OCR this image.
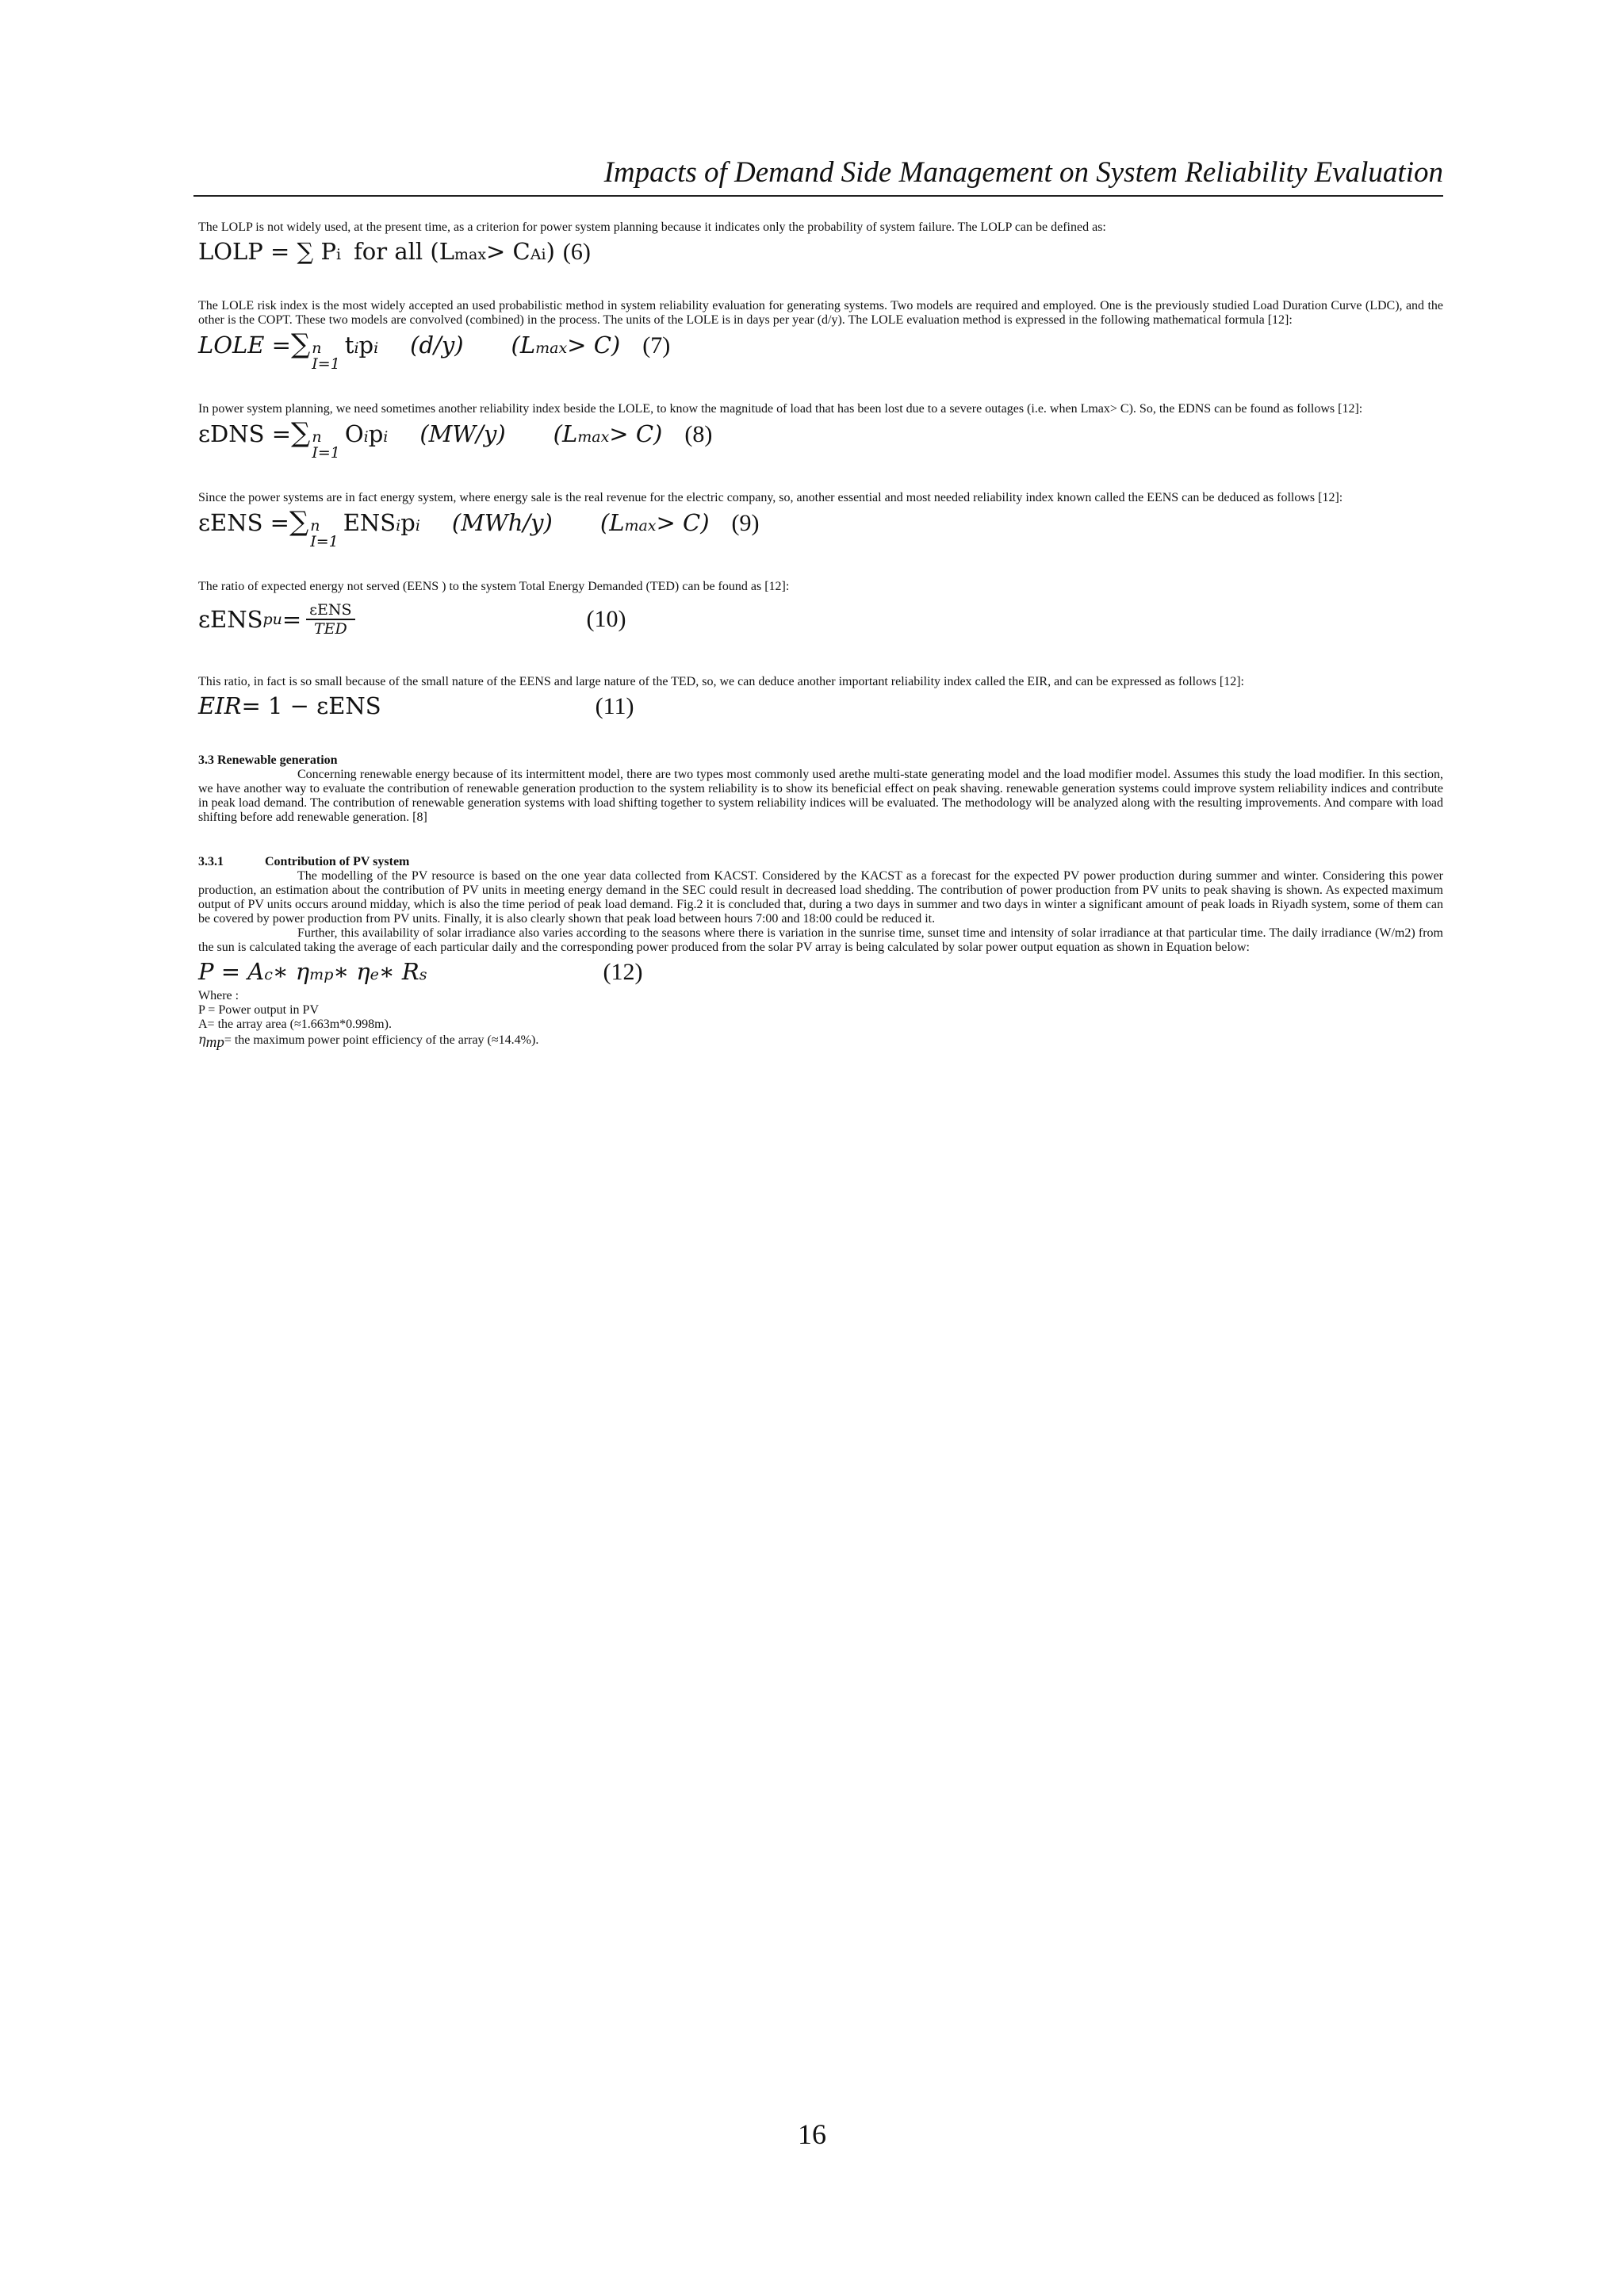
Impacts of Demand Side Management on System Reliability Evaluation

The LOLP is not widely used, at the present time, as a criterion for power system planning because it indicates only the probability of system failure. The LOLP can be defined as:

LOLP = ∑ P i for all (L max > C Ai ) (6)

The LOLE risk index is the most widely accepted an used probabilistic method in system reliability evaluation for generating systems. Two models are required and employed. One is the previously studied Load Duration Curve (LDC), and the other is the COPT. These two models are convolved (combined) in the process. The units of the LOLE is in days per year (d/y). The LOLE evaluation method is expressed in the following mathematical formula [12]:

LOLE = ∑ n
I=1
t i p i (d/y) (L max > C) (7)

In power system planning, we need sometimes another reliability index beside the LOLE, to know the magnitude of load that has been lost due to a severe outages (i.e. when Lmax> C). So, the EDNS can be found as follows [12]:

εDNS = ∑ n
I=1
O i p i (MW/y) (L max > C) (8)

Since the power systems are in fact energy system, where energy sale is the real revenue for the electric company, so, another essential and most needed reliability index known called the EENS can be deduced as follows [12]:

εENS = ∑ n
I=1
ENS i p i (MWh/y) (L max > C) (9)

The ratio of expected energy not served (EENS ) to the system Total Energy Demanded (TED) can be found as [12]:

εENS pu = $\frac{\text{εENS}}{\text{TED}}$	(10)

This ratio, in fact is so small because of the small nature of the EENS and large nature of the TED, so, we can deduce another important reliability index called the EIR, and can be expressed as follows [12]:

EIR = 1 − εENS	(11)

3.3 Renewable generation

Concerning renewable energy because of its intermittent model, there are two types most commonly used arethe multi-state generating model and the load modifier model. Assumes this study the load modifier. In this section, we have another way to evaluate the contribution of renewable generation production to the system reliability is to show its beneficial effect on peak shaving. renewable generation systems could improve system reliability indices and contribute in peak load demand. The contribution of renewable generation systems with load shifting together to system reliability indices will be evaluated. The methodology will be analyzed along with the resulting improvements. And compare with load shifting before add renewable generation. [8]

3.3.1	Contribution of PV system

The modelling of the PV resource is based on the one year data collected from KACST. Considered by the KACST as a forecast for the expected PV power production during summer and winter. Considering this power production, an estimation about the contribution of PV units in meeting energy demand in the SEC could result in decreased load shedding. The contribution of power production from PV units to peak shaving is shown. As expected maximum output of PV units occurs around midday, which is also the time period of peak load demand. Fig.2 it is concluded that, during a two days in summer and two days in winter a significant amount of peak loads in Riyadh system, some of them can be covered by power production from PV units. Finally, it is also clearly shown that peak load between hours 7:00 and 18:00 could be reduced it.

Further, this availability of solar irradiance also varies according to the seasons where there is variation in the sunrise time, sunset time and intensity of solar irradiance at that particular time. The daily irradiance (W/m2) from the sun is calculated taking the average of each particular daily and the corresponding power produced from the solar PV array is being calculated by solar power output equation as shown in Equation below:

P = A c ∗ η mp ∗ η e ∗ R s	(12)

Where :

P = Power output in PV

A= the array area (≈1.663m*0.998m).

$\eta_{mp}=$ the maximum power point efficiency of the array (≈14.4%).

16
